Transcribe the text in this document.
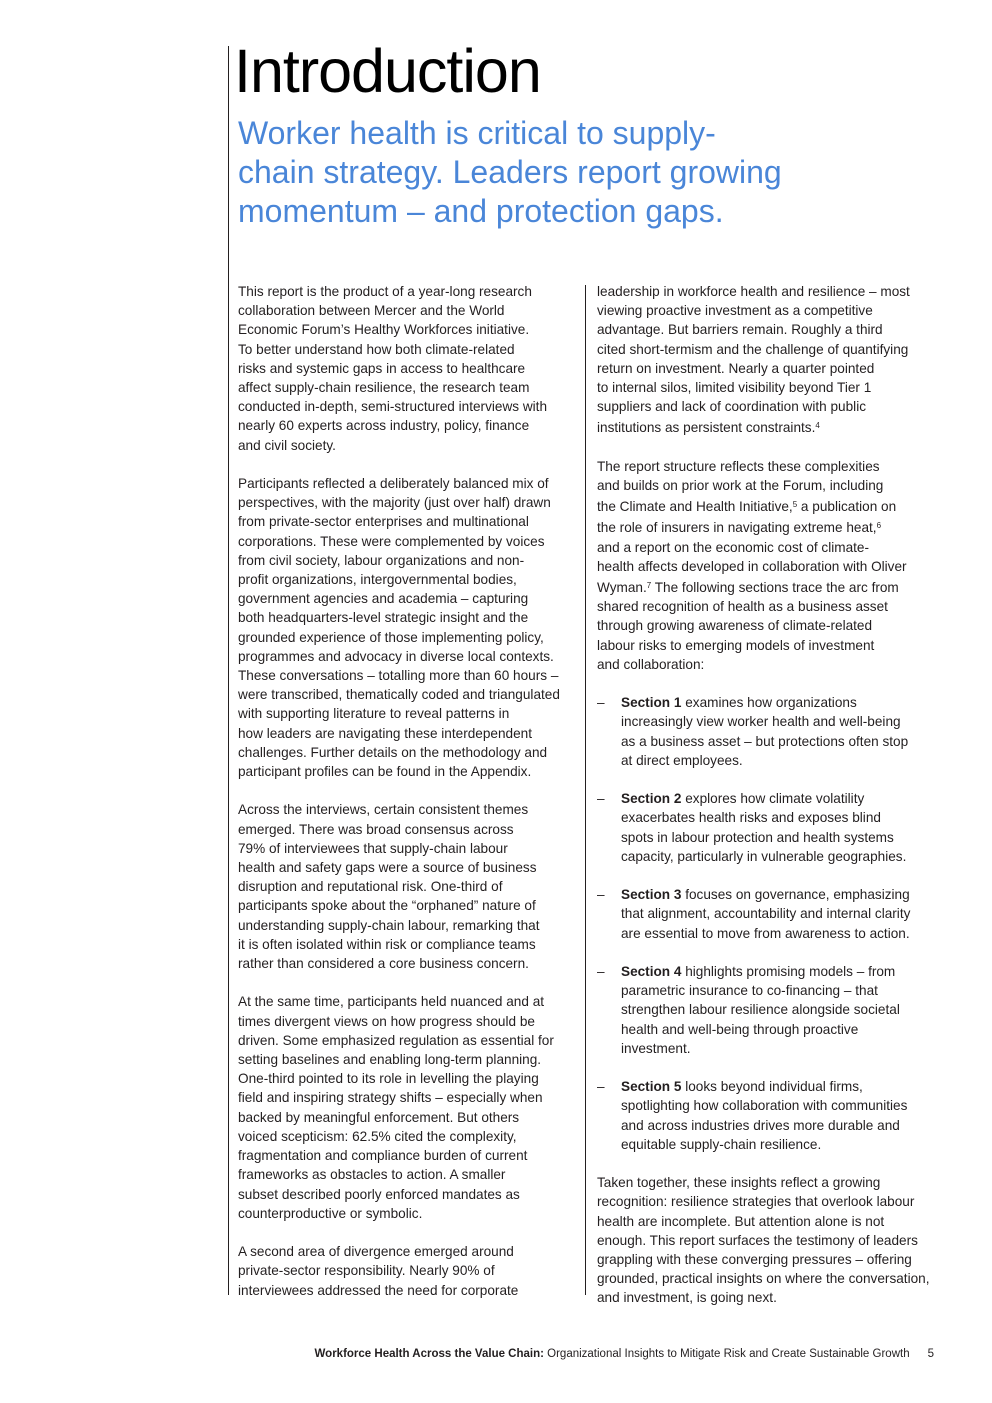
Introduction
Worker health is critical to supply-
chain strategy. Leaders report growing
momentum – and protection gaps.

This report is the product of a year-long research
collaboration between Mercer and the World
Economic Forum’s Healthy Workforces initiative.
To better understand how both climate-related
risks and systemic gaps in access to healthcare
affect supply-chain resilience, the research team
conducted in-depth, semi-structured interviews with
nearly 60 experts across industry, policy, finance
and civil society.

Participants reflected a deliberately balanced mix of
perspectives, with the majority (just over half) drawn
from private-sector enterprises and multinational
corporations. These were complemented by voices
from civil society, labour organizations and non-
profit organizations, intergovernmental bodies,
government agencies and academia – capturing
both headquarters-level strategic insight and the
grounded experience of those implementing policy,
programmes and advocacy in diverse local contexts.
These conversations – totalling more than 60 hours –
were transcribed, thematically coded and triangulated
with supporting literature to reveal patterns in
how leaders are navigating these interdependent
challenges. Further details on the methodology and
participant profiles can be found in the Appendix.

Across the interviews, certain consistent themes
emerged. There was broad consensus across
79% of interviewees that supply-chain labour
health and safety gaps were a source of business
disruption and reputational risk. One-third of
participants spoke about the “orphaned” nature of
understanding supply-chain labour, remarking that
it is often isolated within risk or compliance teams
rather than considered a core business concern.

At the same time, participants held nuanced and at
times divergent views on how progress should be
driven. Some emphasized regulation as essential for
setting baselines and enabling long-term planning.
One-third pointed to its role in levelling the playing
field and inspiring strategy shifts – especially when
backed by meaningful enforcement. But others
voiced scepticism: 62.5% cited the complexity,
fragmentation and compliance burden of current
frameworks as obstacles to action. A smaller
subset described poorly enforced mandates as
counterproductive or symbolic.

A second area of divergence emerged around
private-sector responsibility. Nearly 90% of
interviewees addressed the need for corporate

leadership in workforce health and resilience – most
viewing proactive investment as a competitive
advantage. But barriers remain. Roughly a third
cited short-termism and the challenge of quantifying
return on investment. Nearly a quarter pointed
to internal silos, limited visibility beyond Tier 1
suppliers and lack of coordination with public
institutions as persistent constraints.$^4$

The report structure reflects these complexities
and builds on prior work at the Forum, including
the Climate and Health Initiative,$^5$ a publication on
the role of insurers in navigating extreme heat,$^6$
and a report on the economic cost of climate-
health affects developed in collaboration with Oliver
Wyman.$^7$ The following sections trace the arc from
shared recognition of health as a business asset
through growing awareness of climate-related
labour risks to emerging models of investment
and collaboration:

– Section 1 examines how organizations
increasingly view worker health and well-being
as a business asset – but protections often stop
at direct employees.
– Section 2 explores how climate volatility
exacerbates health risks and exposes blind
spots in labour protection and health systems
capacity, particularly in vulnerable geographies.
– Section 3 focuses on governance, emphasizing
that alignment, accountability and internal clarity
are essential to move from awareness to action.
– Section 4 highlights promising models – from
parametric insurance to co-financing – that
strengthen labour resilience alongside societal
health and well-being through proactive
investment.
– Section 5 looks beyond individual firms,
spotlighting how collaboration with communities
and across industries drives more durable and
equitable supply-chain resilience.

Taken together, these insights reflect a growing
recognition: resilience strategies that overlook labour
health are incomplete. But attention alone is not
enough. This report surfaces the testimony of leaders
grappling with these converging pressures – offering
grounded, practical insights on where the conversation,
and investment, is going next.

Workforce Health Across the Value Chain: Organizational Insights to Mitigate Risk and Create Sustainable Growth 5
